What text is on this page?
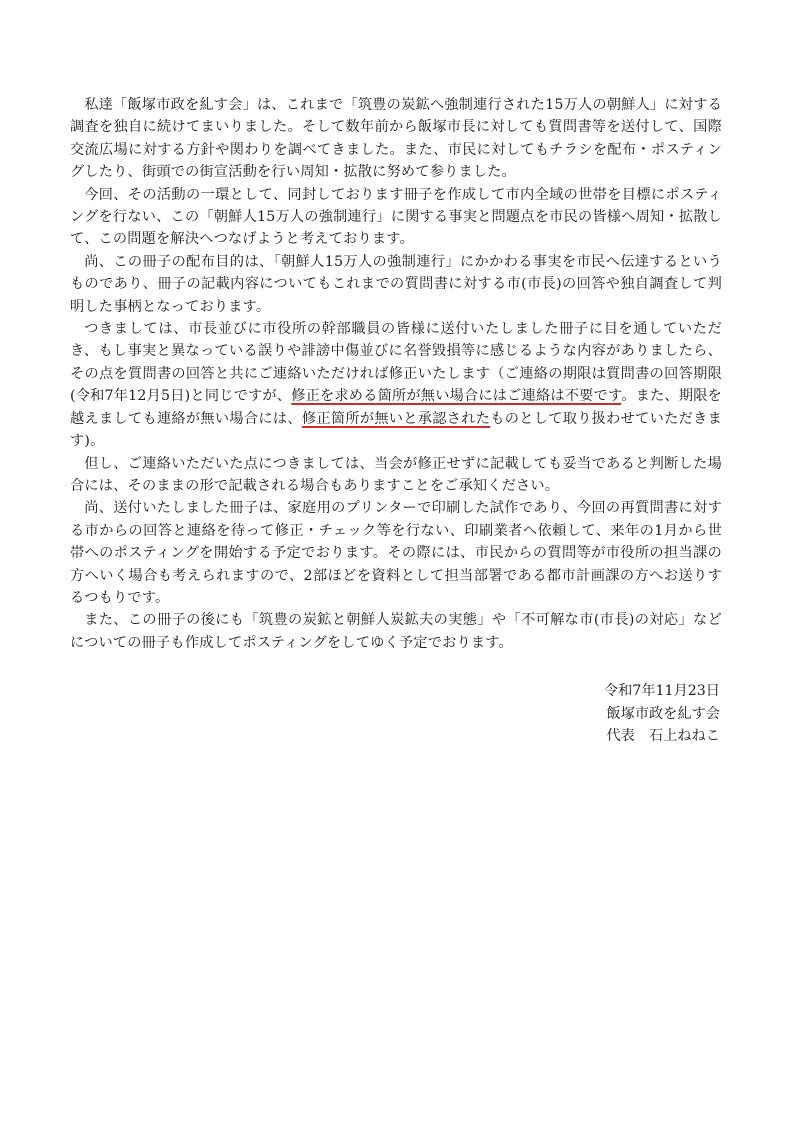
私達「飯塚市政を糺す会」は、これまで「筑豊の炭鉱へ強制連行された15万人の朝鮮人」に対する調査を独自に続けてまいりました。そして数年前から飯塚市長に対しても質問書等を送付して、国際交流広場に対する方針や関わりを調べてきました。また、市民に対してもチラシを配布・ポスティングしたり、街頭での街宣活動を行い周知・拡散に努めて参りました。

今回、その活動の一環として、同封しております冊子を作成して市内全域の世帯を目標にポスティングを行ない、この「朝鮮人15万人の強制連行」に関する事実と問題点を市民の皆様へ周知・拡散して、この問題を解決へつなげようと考えております。

尚、この冊子の配布目的は、「朝鮮人15万人の強制連行」にかかわる事実を市民へ伝達するというものであり、冊子の記載内容についてもこれまでの質問書に対する市(市長)の回答や独自調査して判明した事柄となっております。

つきましては、市長並びに市役所の幹部職員の皆様に送付いたしました冊子に目を通していただき、もし事実と異なっている誤りや誹謗中傷並びに名誉毀損等に感じるような内容がありましたら、その点を質問書の回答と共にご連絡いただければ修正いたします（ご連絡の期限は質問書の回答期限(令和7年12月5日)と同じですが、修正を求める箇所が無い場合にはご連絡は不要です。また、期限を越えましても連絡が無い場合には、修正箇所が無いと承認されたものとして取り扱わせていただきます)。

但し、ご連絡いただいた点につきましては、当会が修正せずに記載しても妥当であると判断した場合には、そのままの形で記載される場合もありますことをご承知ください。

尚、送付いたしました冊子は、家庭用のプリンターで印刷した試作であり、今回の再質問書に対する市からの回答と連絡を待って修正・チェック等を行ない、印刷業者へ依頼して、来年の1月から世帯へのポスティングを開始する予定でおります。その際には、市民からの質問等が市役所の担当課の方へいく場合も考えられますので、2部ほどを資料として担当部署である都市計画課の方へお送りするつもりです。

また、この冊子の後にも「筑豊の炭鉱と朝鮮人炭鉱夫の実態」や「不可解な市(市長)の対応」などについての冊子も作成してポスティングをしてゆく予定でおります。

令和7年11月23日
飯塚市政を糺す会
代表　石上ねねこ
